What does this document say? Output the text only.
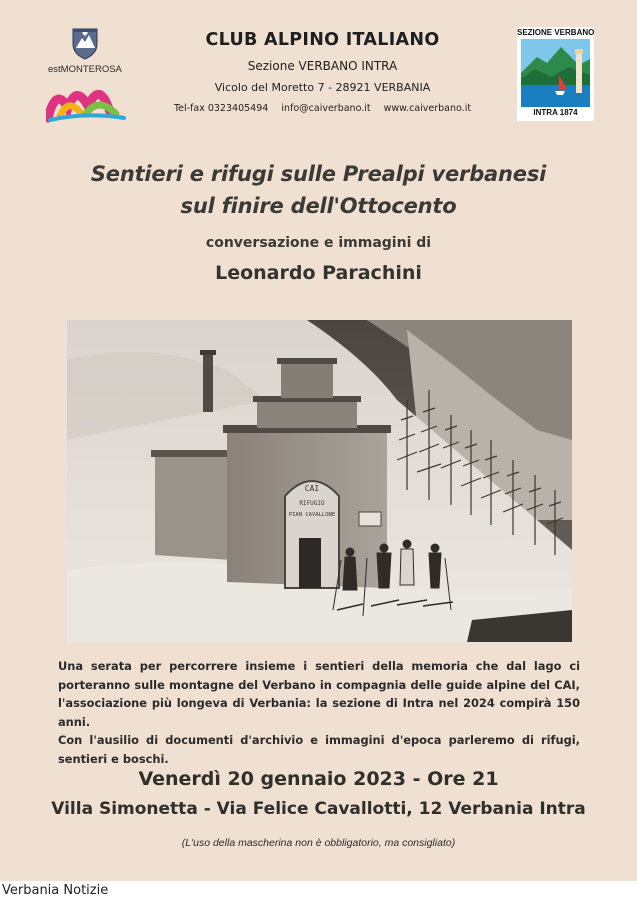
estMONTEROSA
CLUB ALPINO ITALIANO
Sezione VERBANO INTRA
Vicolo del Moretto 7 - 28921 VERBANIA
Tel-fax 0323405494 info@caiverbano.it www.caiverbano.it
SEZIONE VERBANO
INTRA 1874
Sentieri e rifugi sulle Prealpi verbanesi
sul finire dell'Ottocento
conversazione e immagini di
Leonardo Parachini
CAI
RIFUGIO
PIAN CAVALLONE

Una serata per percorrere insieme i sentieri della memoria che dal lago ci porteranno sulle montagne del Verbano in compagnia delle guide alpine del CAI, l'associazione più longeva di Verbania: la sezione di Intra nel 2024 compirà 150 anni.

Con l'ausilio di documenti d'archivio e immagini d'epoca parleremo di rifugi, sentieri e boschi.

Venerdì 20 gennaio 2023 - Ore 21
Villa Simonetta - Via Felice Cavallotti, 12 Verbania Intra
(L'uso della mascherina non è obbligatorio, ma consigliato)
Verbania Notizie
